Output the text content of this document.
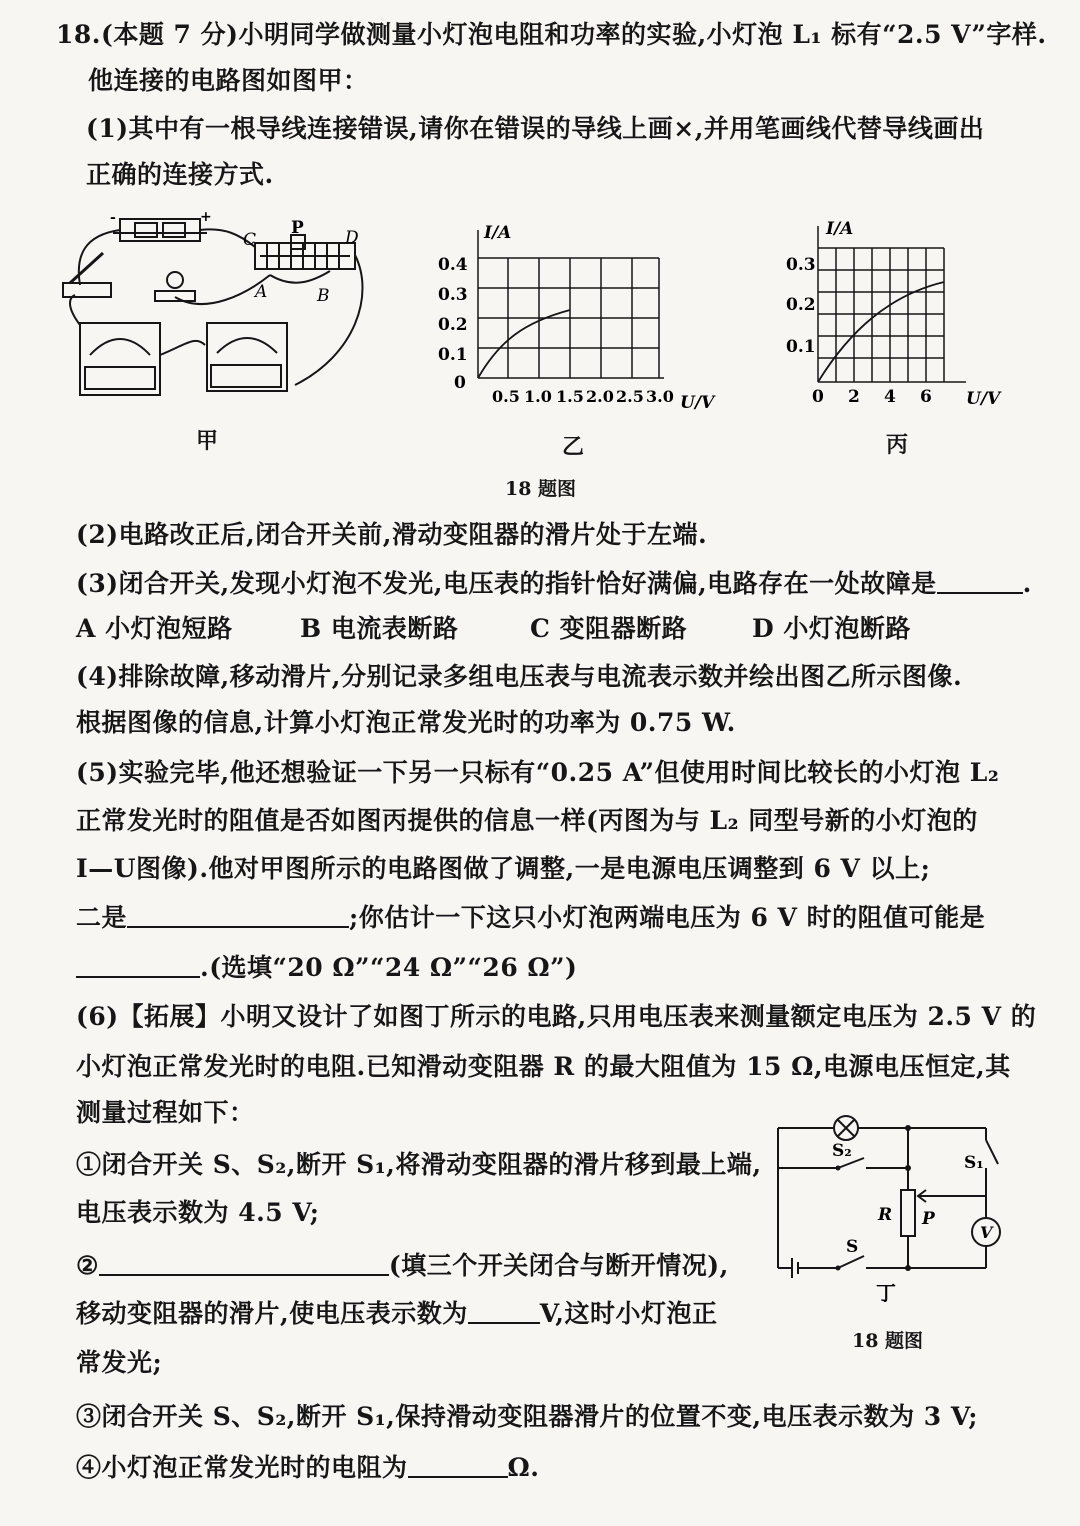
18.(本题 7 分)小明同学做测量小灯泡电阻和功率的实验,小灯泡 L₁ 标有“2.5 V”字样.
他连接的电路图如图甲：
(1)其中有一根导线连接错误,请你在错误的导线上画×,并用笔画线代替导线画出
正确的连接方式.
-	+
C
P D
A	B
甲
I/A
0.4
0.3
0.2
0.1
0
0.5 1.0 1.5 2.0 2.5 3.0 U/V
乙
I/A
0.3
0.2
0.1
0 2 4 6 U/V
丙
18 题图
(2)电路改正后,闭合开关前,滑动变阻器的滑片处于左端.
(3)闭合开关,发现小灯泡不发光,电压表的指针恰好满偏,电路存在一处故障是	.
A 小灯泡短路	B 电流表断路	C 变阻器断路	D 小灯泡断路
(4)排除故障,移动滑片,分别记录多组电压表与电流表示数并绘出图乙所示图像.
根据图像的信息,计算小灯泡正常发光时的功率为 0.75 W.
(5)实验完毕,他还想验证一下另一只标有“0.25 A”但使用时间比较长的小灯泡 L₂
正常发光时的阻值是否如图丙提供的信息一样(丙图为与 L₂ 同型号新的小灯泡的
I—U图像).他对甲图所示的电路图做了调整,一是电源电压调整到 6 V 以上;
二是	;你估计一下这只小灯泡两端电压为 6 V 时的阻值可能是
.(选填“20 Ω”“24 Ω”“26 Ω”)
(6)【拓展】小明又设计了如图丁所示的电路,只用电压表来测量额定电压为 2.5 V 的
小灯泡正常发光时的电阻.已知滑动变阻器 R 的最大阻值为 15 Ω,电源电压恒定,其
测量过程如下：
①闭合开关 S、S₂,断开 S₁,将滑动变阻器的滑片移到最上端,
电压表示数为 4.5 V;
②	(填三个开关闭合与断开情况),
移动变阻器的滑片,使电压表示数为	V,这时小灯泡正
常发光;
③闭合开关 S、S₂,断开 S₁,保持滑动变阻器滑片的位置不变,电压表示数为 3 V;
④小灯泡正常发光时的电阻为	Ω.
S₂
S₁
R P
V
S
丁
18 题图
